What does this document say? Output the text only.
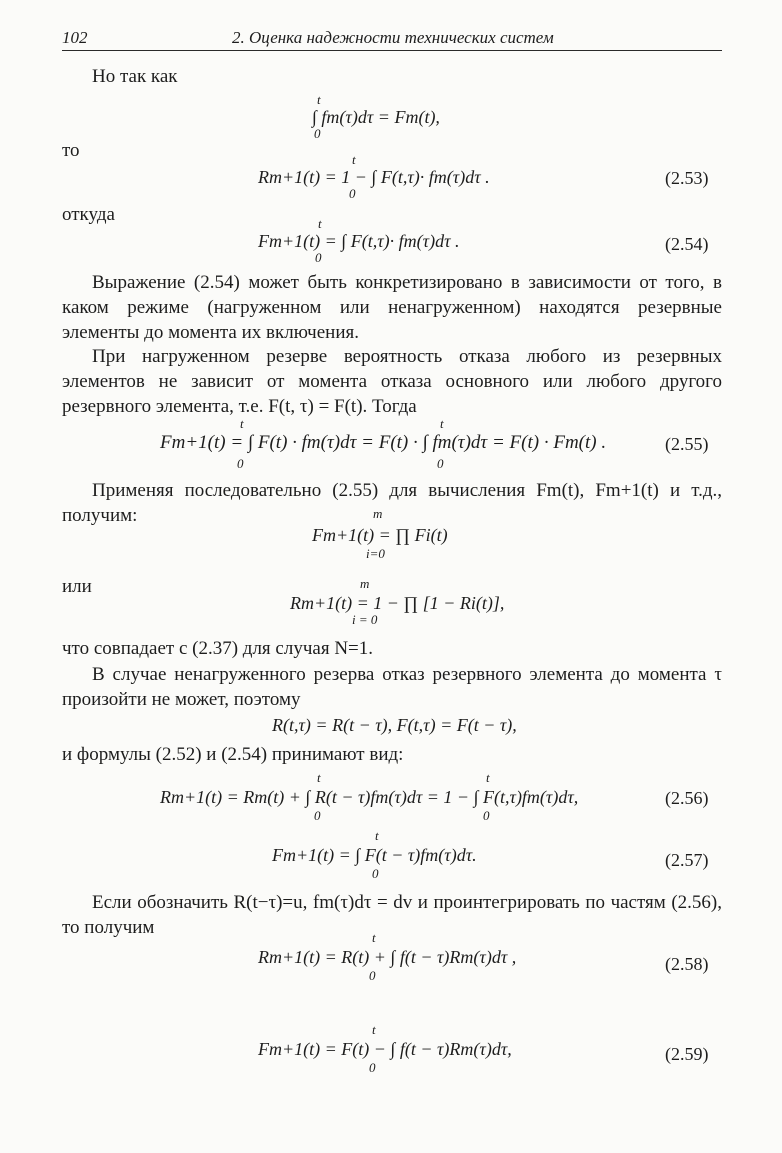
102	2. Оценка надежности технических систем
Но так как
t
∫ fm(τ)dτ = Fm(t),
0
то	t
Rm+1(t) = 1 − ∫ F(t,τ)· fm(τ)dτ .
0
(2.53)
откуда	t
Fm+1(t) = ∫ F(t,τ)· fm(τ)dτ .
0
(2.54)
Выражение (2.54) может быть конкретизировано в зависимости от того, в каком режиме (нагруженном или ненагруженном) находятся резервные элементы до момента их включения.
При нагруженном резерве вероятность отказа любого из резервных элементов не зависит от момента отказа основного или любого другого резервного элемента, т.е. F(t, τ) = F(t). Тогда
t	t
Fm+1(t) = ∫ F(t) · fm(τ)dτ = F(t) · ∫ fm(τ)dτ = F(t) · Fm(t) .
0	0
(2.55)
Применяя последовательно (2.55) для вычисления Fm(t), Fm+1(t) и т.д., получим:	m
Fm+1(t) = ∏ Fi(t)
i=0
или	m
Rm+1(t) = 1 − ∏ [1 − Ri(t)],
i = 0
что совпадает с (2.37) для случая N=1.
В случае ненагруженного резерва отказ резервного элемента до момента τ произойти не может, поэтому
R(t,τ) = R(t − τ), F(t,τ) = F(t − τ),
и формулы (2.52) и (2.54) принимают вид:
t	t
Rm+1(t) = Rm(t) + ∫ R(t − τ)fm(τ)dτ = 1 − ∫ F(t,τ)fm(τ)dτ,
0	0
(2.56)
t
Fm+1(t) = ∫ F(t − τ)fm(τ)dτ.
0
(2.57)
Если обозначить R(t−τ)=u, fm(τ)dτ = dv и проинтегрировать по частям (2.56), то получим	t
Rm+1(t) = R(t) + ∫ f(t − τ)Rm(τ)dτ ,
0
(2.58)
t
Fm+1(t) = F(t) − ∫ f(t − τ)Rm(τ)dτ,
0
(2.59)
